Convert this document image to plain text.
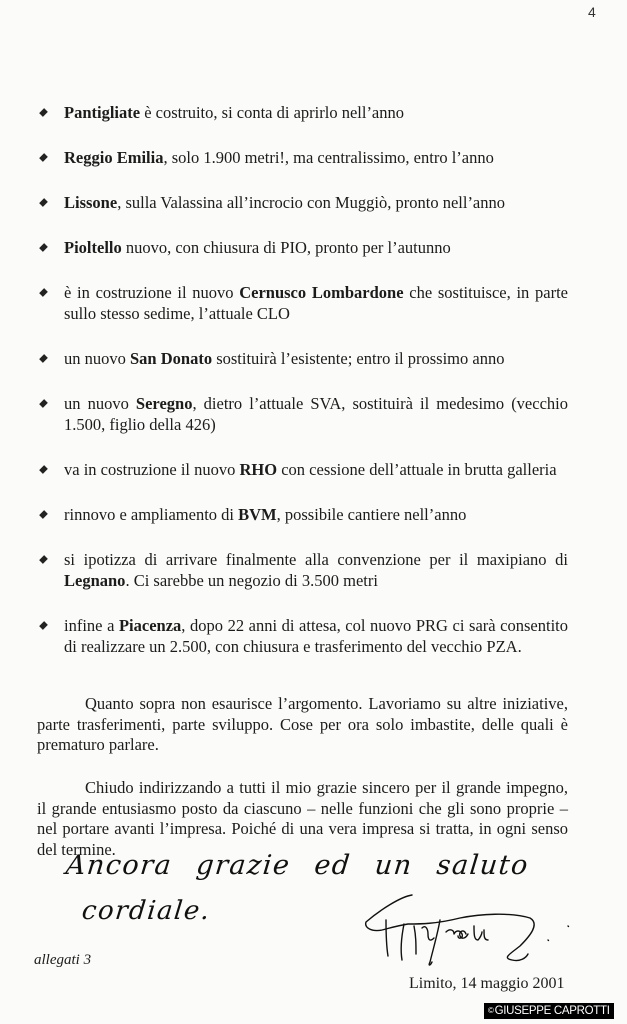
4
Pantigliate è costruito, si conta di aprirlo nell’anno
Reggio Emilia, solo 1.900 metri!, ma centralissimo, entro l’anno
Lissone, sulla Valassina all’incrocio con Muggiò, pronto nell’anno
Pioltello nuovo, con chiusura di PIO, pronto per l’autunno
è in costruzione il nuovo Cernusco Lombardone che sostituisce, in parte sullo stesso sedime, l’attuale CLO
un nuovo San Donato sostituirà l’esistente; entro il prossimo anno
un nuovo Seregno, dietro l’attuale SVA, sostituirà il medesimo (vecchio 1.500, figlio della 426)
va in costruzione il nuovo RHO con cessione dell’attuale in brutta galleria
rinnovo e ampliamento di BVM, possibile cantiere nell’anno
si ipotizza di arrivare finalmente alla convenzione per il maxipiano di Legnano. Ci sarebbe un negozio di 3.500 metri
infine a Piacenza, dopo 22 anni di attesa, col nuovo PRG ci sarà consentito di realizzare un 2.500, con chiusura e trasferimento del vecchio PZA.

Quanto sopra non esaurisce l’argomento. Lavoriamo su altre iniziative, parte trasferimenti, parte sviluppo. Cose per ora solo imbastite, delle quali è prematuro parlare.

Chiudo indirizzando a tutti il mio grazie sincero per il grande impegno, il grande entusiasmo posto da ciascuno – nelle funzioni che gli sono proprie – nel portare avanti l’impresa. Poiché di una vera impresa si tratta, in ogni senso del termine.

Ancora grazie ed un saluto
cordiale.
allegati 3
Limito, 14 maggio 2001
©GIUSEPPE CAPROTTI
